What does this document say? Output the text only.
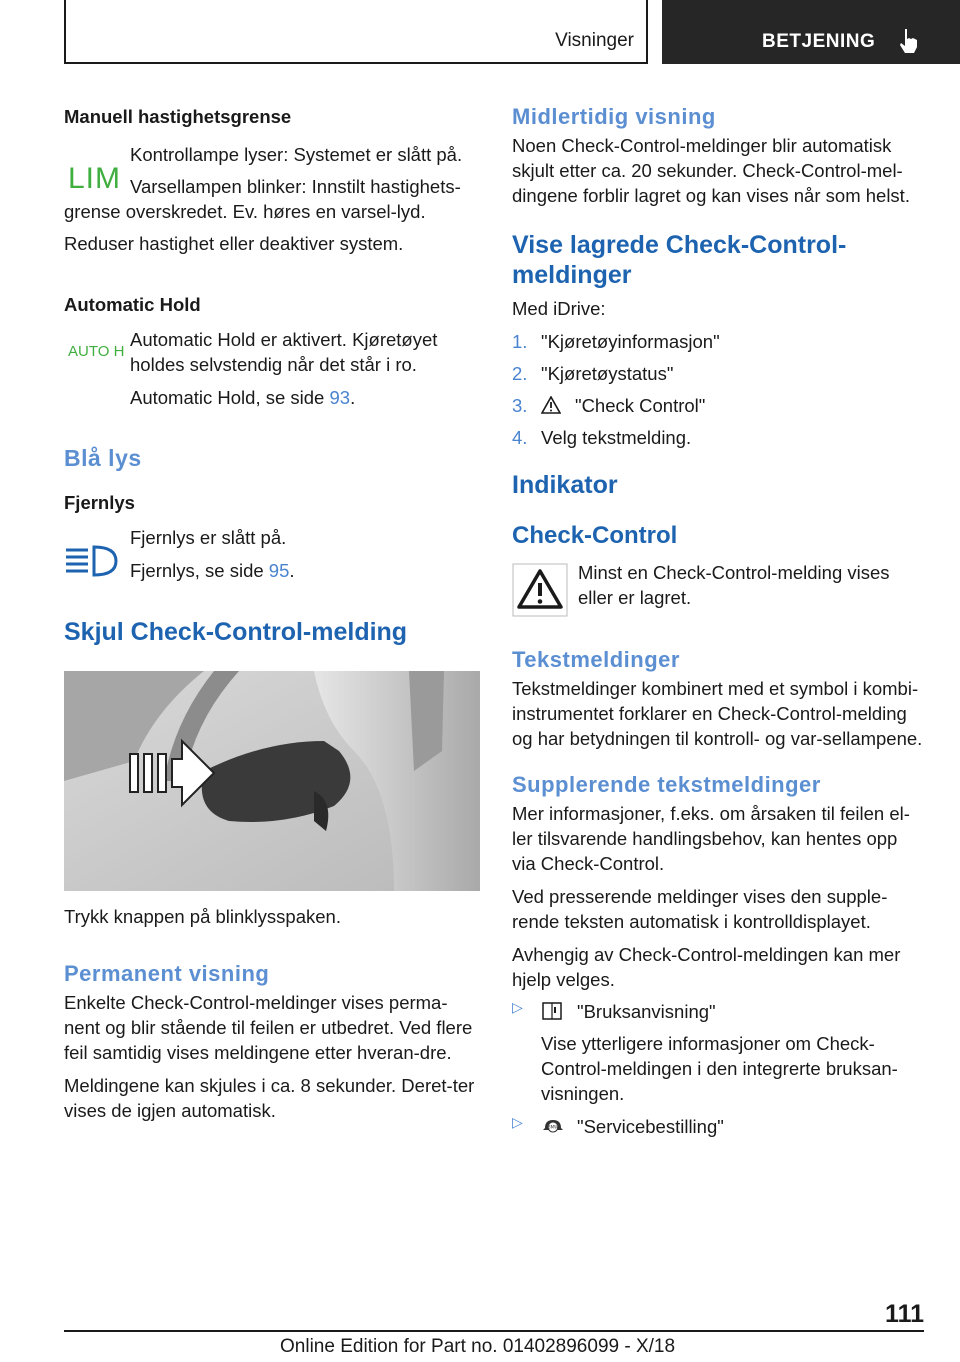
Visninger	BETJENING

Manuell hastighetsgrense

LIM

Kontrollampe lyser: Systemet er slått på.

Varsellampen blinker: Innstilt hastighets-grense overskredet. Ev. høres en varsel-lyd.

Reduser hastighet eller deaktiver system.

Automatic Hold

AUTO H

Automatic Hold er aktivert. Kjøretøyet holdes selvstendig når det står i ro.

Automatic Hold, se side 93.

Blå lys

Fjernlys

Fjernlys er slått på.

Fjernlys, se side 95.

Skjul Check-Control-melding

Trykk knappen på blinklysspaken.

Permanent visning

Enkelte Check-Control-meldinger vises perma-nent og blir stående til feilen er utbedret. Ved flere feil samtidig vises meldingene etter hveran-dre.

Meldingene kan skjules i ca. 8 sekunder. Deret-ter vises de igjen automatisk.

Midlertidig visning

Noen Check-Control-meldinger blir automatisk skjult etter ca. 20 sekunder. Check-Control-mel-dingene forblir lagret og kan vises når som helst.

Vise lagrede Check-Control-meldinger

Med iDrive:

1. "Kjøretøyinformasjon"
2. "Kjøretøystatus"
3.	"Check Control"
4. Velg tekstmelding.

Indikator

Check-Control

Minst en Check-Control-melding vises eller er lagret.

Tekstmeldinger

Tekstmeldinger kombinert med et symbol i kombi-instrumentet forklarer en Check-Control-melding og har betydningen til kontroll- og var-sellampene.

Supplerende tekstmeldinger

Mer informasjoner, f.eks. om årsaken til feilen el-ler tilsvarende handlingsbehov, kan hentes opp via Check-Control.

Ved presserende meldinger vises den supple-rende teksten automatisk i kontrolldisplayet.

Avhengig av Check-Control-meldingen kan mer hjelp velges.

▷	"Bruksanvisning"

Vise ytterligere informasjoner om Check-Control-meldingen i den integrerte bruksan-visningen.

▷	BMW "Servicebestilling"

111
Online Edition for Part no. 01402896099 - X/18
